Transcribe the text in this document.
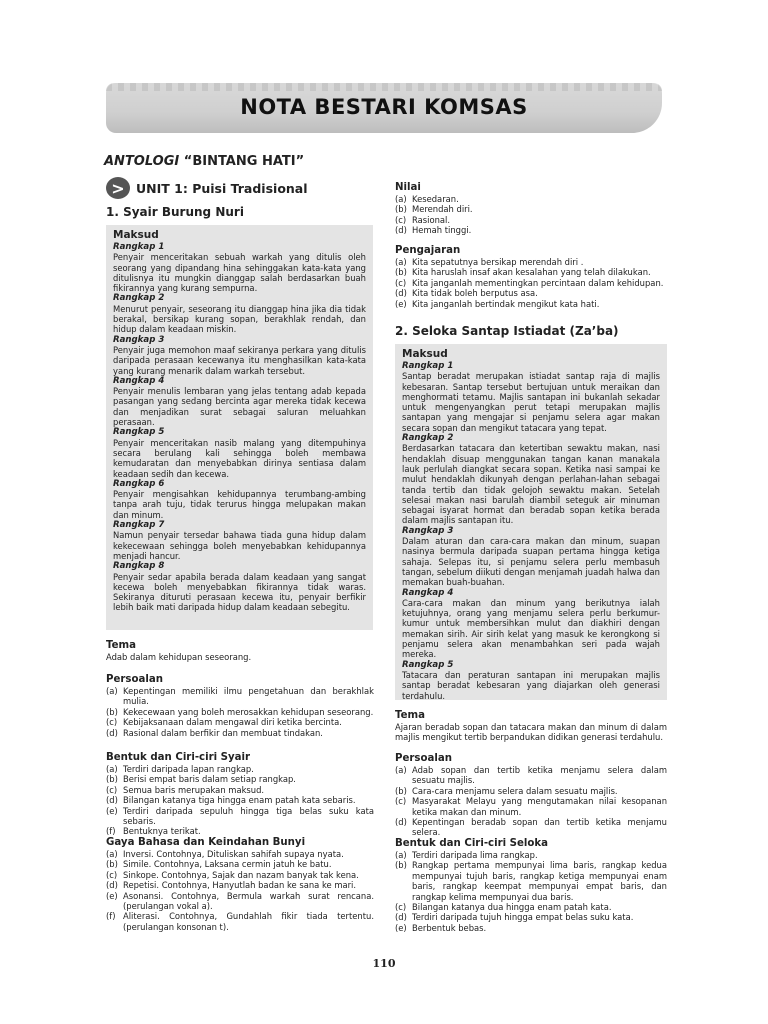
NOTA BESTARI KOMSAS
ANTOLOGI “BINTANG HATI”
> UNIT 1: Puisi Tradisional
1. Syair Burung Nuri
Maksud
Rangkap 1
Penyair menceritakan sebuah warkah yang ditulis oleh seorang yang dipandang hina sehinggakan kata-kata yang ditulisnya itu mungkin dianggap salah berdasarkan buah fikirannya yang kurang sempurna.
Rangkap 2
Menurut penyair, seseorang itu dianggap hina jika dia tidak berakal, bersikap kurang sopan, berakhlak rendah, dan hidup dalam keadaan miskin.
Rangkap 3
Penyair juga memohon maaf sekiranya perkara yang ditulis daripada perasaan kecewanya itu menghasilkan kata-kata yang kurang menarik dalam warkah tersebut.
Rangkap 4
Penyair menulis lembaran yang jelas tentang adab kepada pasangan yang sedang bercinta agar mereka tidak kecewa dan menjadikan surat sebagai saluran meluahkan perasaan.
Rangkap 5
Penyair menceritakan nasib malang yang ditempuhinya secara berulang kali sehingga boleh membawa kemudaratan dan menyebabkan dirinya sentiasa dalam keadaan sedih dan kecewa.
Rangkap 6
Penyair mengisahkan kehidupannya terumbang-ambing tanpa arah tuju, tidak terurus hingga melupakan makan dan minum.
Rangkap 7
Namun penyair tersedar bahawa tiada guna hidup dalam kekecewaan sehingga boleh menyebabkan kehidupannya menjadi hancur.
Rangkap 8
Penyair sedar apabila berada dalam keadaan yang sangat kecewa boleh menyebabkan fikirannya tidak waras. Sekiranya dituruti perasaan kecewa itu, penyair berfikir lebih baik mati daripada hidup dalam keadaan sebegitu.
Tema
Adab dalam kehidupan seseorang.
Persoalan
(a) Kepentingan memiliki ilmu pengetahuan dan berakhlak mulia.
(b) Kekecewaan yang boleh merosakkan kehidupan seseorang.
(c) Kebijaksanaan dalam mengawal diri ketika bercinta.
(d) Rasional dalam berfikir dan membuat tindakan.
Bentuk dan Ciri-ciri Syair
(a) Terdiri daripada lapan rangkap.
(b) Berisi empat baris dalam setiap rangkap.
(c) Semua baris merupakan maksud.
(d) Bilangan katanya tiga hingga enam patah kata sebaris.
(e) Terdiri daripada sepuluh hingga tiga belas suku kata sebaris.
(f) Bentuknya terikat.
Gaya Bahasa dan Keindahan Bunyi
(a) Inversi. Contohnya, Dituliskan sahifah supaya nyata.
(b) Simile. Contohnya, Laksana cermin jatuh ke batu.
(c) Sinkope. Contohnya, Sajak dan nazam banyak tak kena.
(d) Repetisi. Contohnya, Hanyutlah badan ke sana ke mari.
(e) Asonansi. Contohnya, Bermula warkah surat rencana. (perulangan vokal a).
(f) Aliterasi. Contohnya, Gundahlah fikir tiada tertentu. (perulangan konsonan t).
Nilai
(a) Kesedaran.
(b) Merendah diri.
(c) Rasional.
(d) Hemah tinggi.
Pengajaran
(a) Kita sepatutnya bersikap merendah diri .
(b) Kita haruslah insaf akan kesalahan yang telah dilakukan.
(c) Kita janganlah mementingkan percintaan dalam kehidupan.
(d) Kita tidak boleh berputus asa.
(e) Kita janganlah bertindak mengikut kata hati.
2. Seloka Santap Istiadat (Za’ba)
Maksud
Rangkap 1
Santap beradat merupakan istiadat santap raja di majlis kebesaran. Santap tersebut bertujuan untuk meraikan dan menghormati tetamu. Majlis santapan ini bukanlah sekadar untuk mengenyangkan perut tetapi merupakan majlis santapan yang mengajar si penjamu selera agar makan secara sopan dan mengikut tatacara yang tepat.
Rangkap 2
Berdasarkan tatacara dan ketertiban sewaktu makan, nasi hendaklah disuap menggunakan tangan kanan manakala lauk perlulah diangkat secara sopan. Ketika nasi sampai ke mulut hendaklah dikunyah dengan perlahan-lahan sebagai tanda tertib dan tidak gelojoh sewaktu makan. Setelah selesai makan nasi barulah diambil seteguk air minuman sebagai isyarat hormat dan beradab sopan ketika berada dalam majlis santapan itu.
Rangkap 3
Dalam aturan dan cara-cara makan dan minum, suapan nasinya bermula daripada suapan pertama hingga ketiga sahaja. Selepas itu, si penjamu selera perlu membasuh tangan, sebelum diikuti dengan menjamah juadah halwa dan memakan buah-buahan.
Rangkap 4
Cara-cara makan dan minum yang berikutnya ialah ketujuhnya, orang yang menjamu selera perlu berkumur-kumur untuk membersihkan mulut dan diakhiri dengan memakan sirih. Air sirih kelat yang masuk ke kerongkong si penjamu selera akan menambahkan seri pada wajah mereka.
Rangkap 5
Tatacara dan peraturan santapan ini merupakan majlis santap beradat kebesaran yang diajarkan oleh generasi terdahulu.
Tema
Ajaran beradab sopan dan tatacara makan dan minum di dalam majlis mengikut tertib berpandukan didikan generasi terdahulu.
Persoalan
(a) Adab sopan dan tertib ketika menjamu selera dalam sesuatu majlis.
(b) Cara-cara menjamu selera dalam sesuatu majlis.
(c) Masyarakat Melayu yang mengutamakan nilai kesopanan ketika makan dan minum.
(d) Kepentingan beradab sopan dan tertib ketika menjamu selera.
Bentuk dan Ciri-ciri Seloka
(a) Terdiri daripada lima rangkap.
(b) Rangkap pertama mempunyai lima baris, rangkap kedua mempunyai tujuh baris, rangkap ketiga mempunyai enam baris, rangkap keempat mempunyai empat baris, dan rangkap kelima mempunyai dua baris.
(c) Bilangan katanya dua hingga enam patah kata.
(d) Terdiri daripada tujuh hingga empat belas suku kata.
(e) Berbentuk bebas.
110
